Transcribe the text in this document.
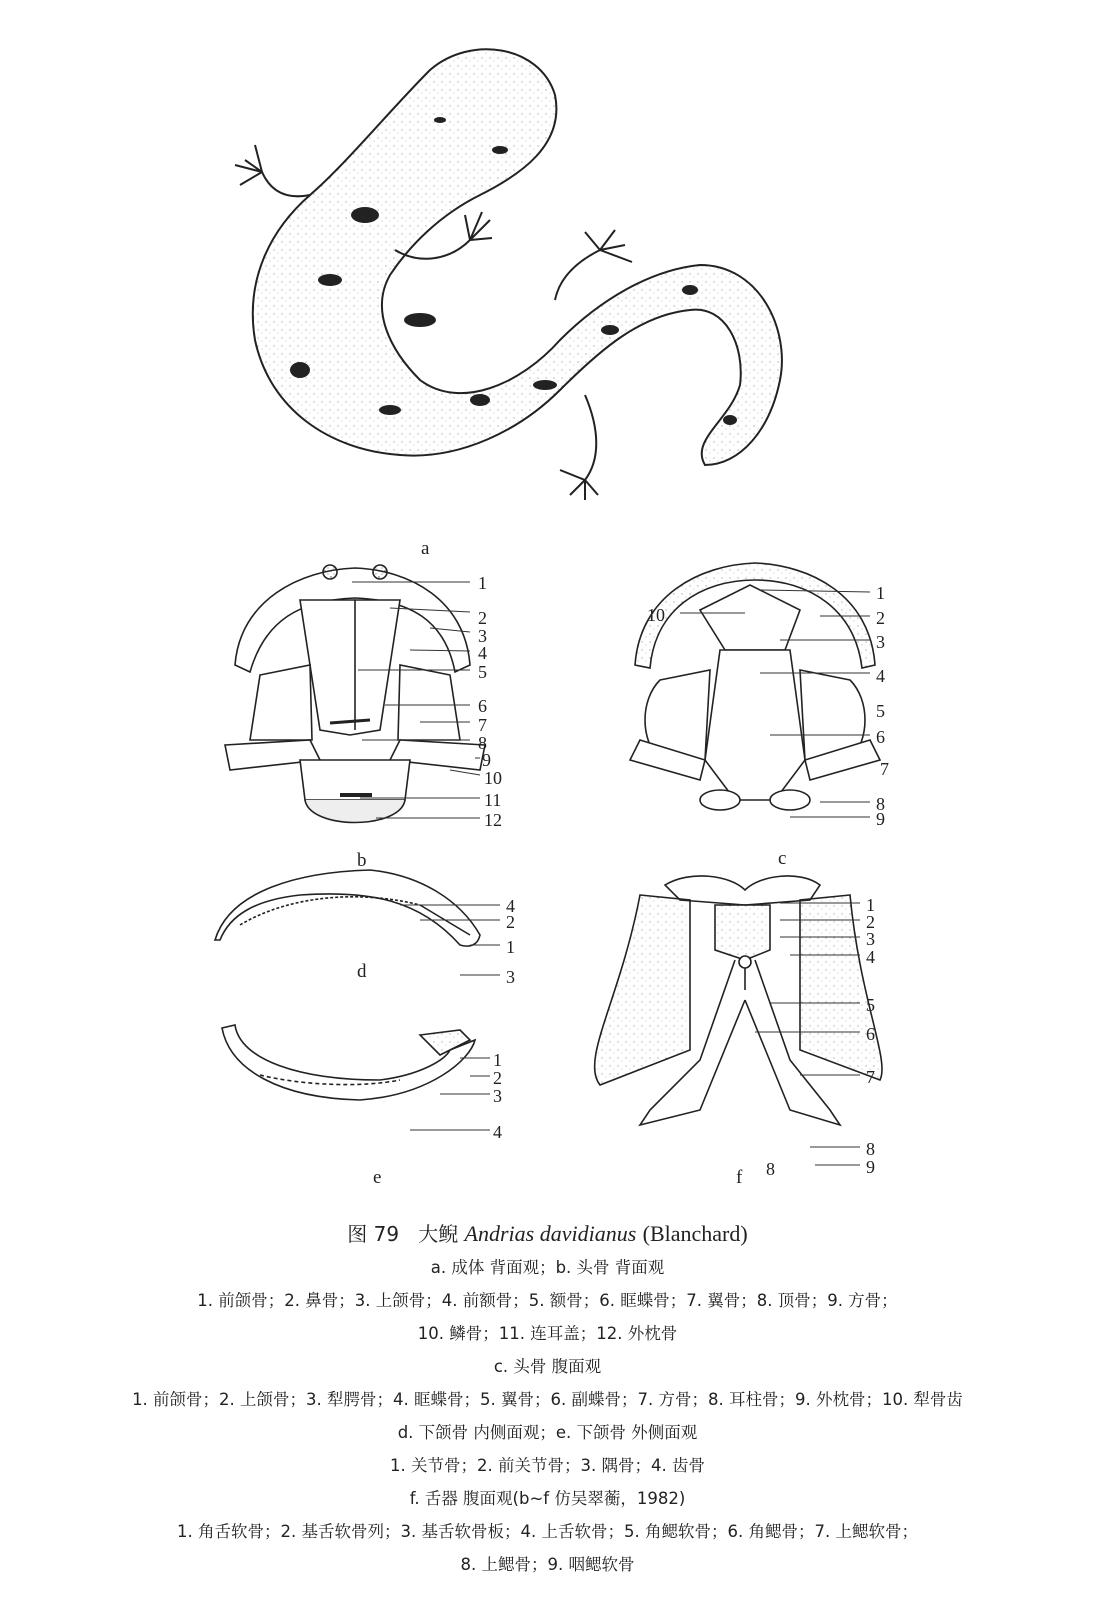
a
b	c
d
e	f
1
2
3
4
5
6
7
8
9
10
11
12
1
2
3
4
5
6
7
8
9
10
4
2
1
3
1
2
3
4
1
2
3
4
5
6
7
8
9
8
图 79 大鲵 Andrias davidianus (Blanchard)
a. 成体 背面观；b. 头骨 背面观
1. 前颌骨；2. 鼻骨；3. 上颌骨；4. 前额骨；5. 额骨；6. 眶蝶骨；7. 翼骨；8. 顶骨；9. 方骨；
10. 鳞骨；11. 连耳盖；12. 外枕骨
c. 头骨 腹面观
1. 前颌骨；2. 上颌骨；3. 犁腭骨；4. 眶蝶骨；5. 翼骨；6. 副蝶骨；7. 方骨；8. 耳柱骨；9. 外枕骨；10. 犁骨齿
d. 下颌骨 内侧面观；e. 下颌骨 外侧面观
1. 关节骨；2. 前关节骨；3. 隅骨；4. 齿骨
f. 舌器 腹面观(b~f 仿吴翠蘅，1982)
1. 角舌软骨；2. 基舌软骨列；3. 基舌软骨板；4. 上舌软骨；5. 角鳃软骨；6. 角鳃骨；7. 上鳃软骨；
8. 上鳃骨；9. 咽鳃软骨
